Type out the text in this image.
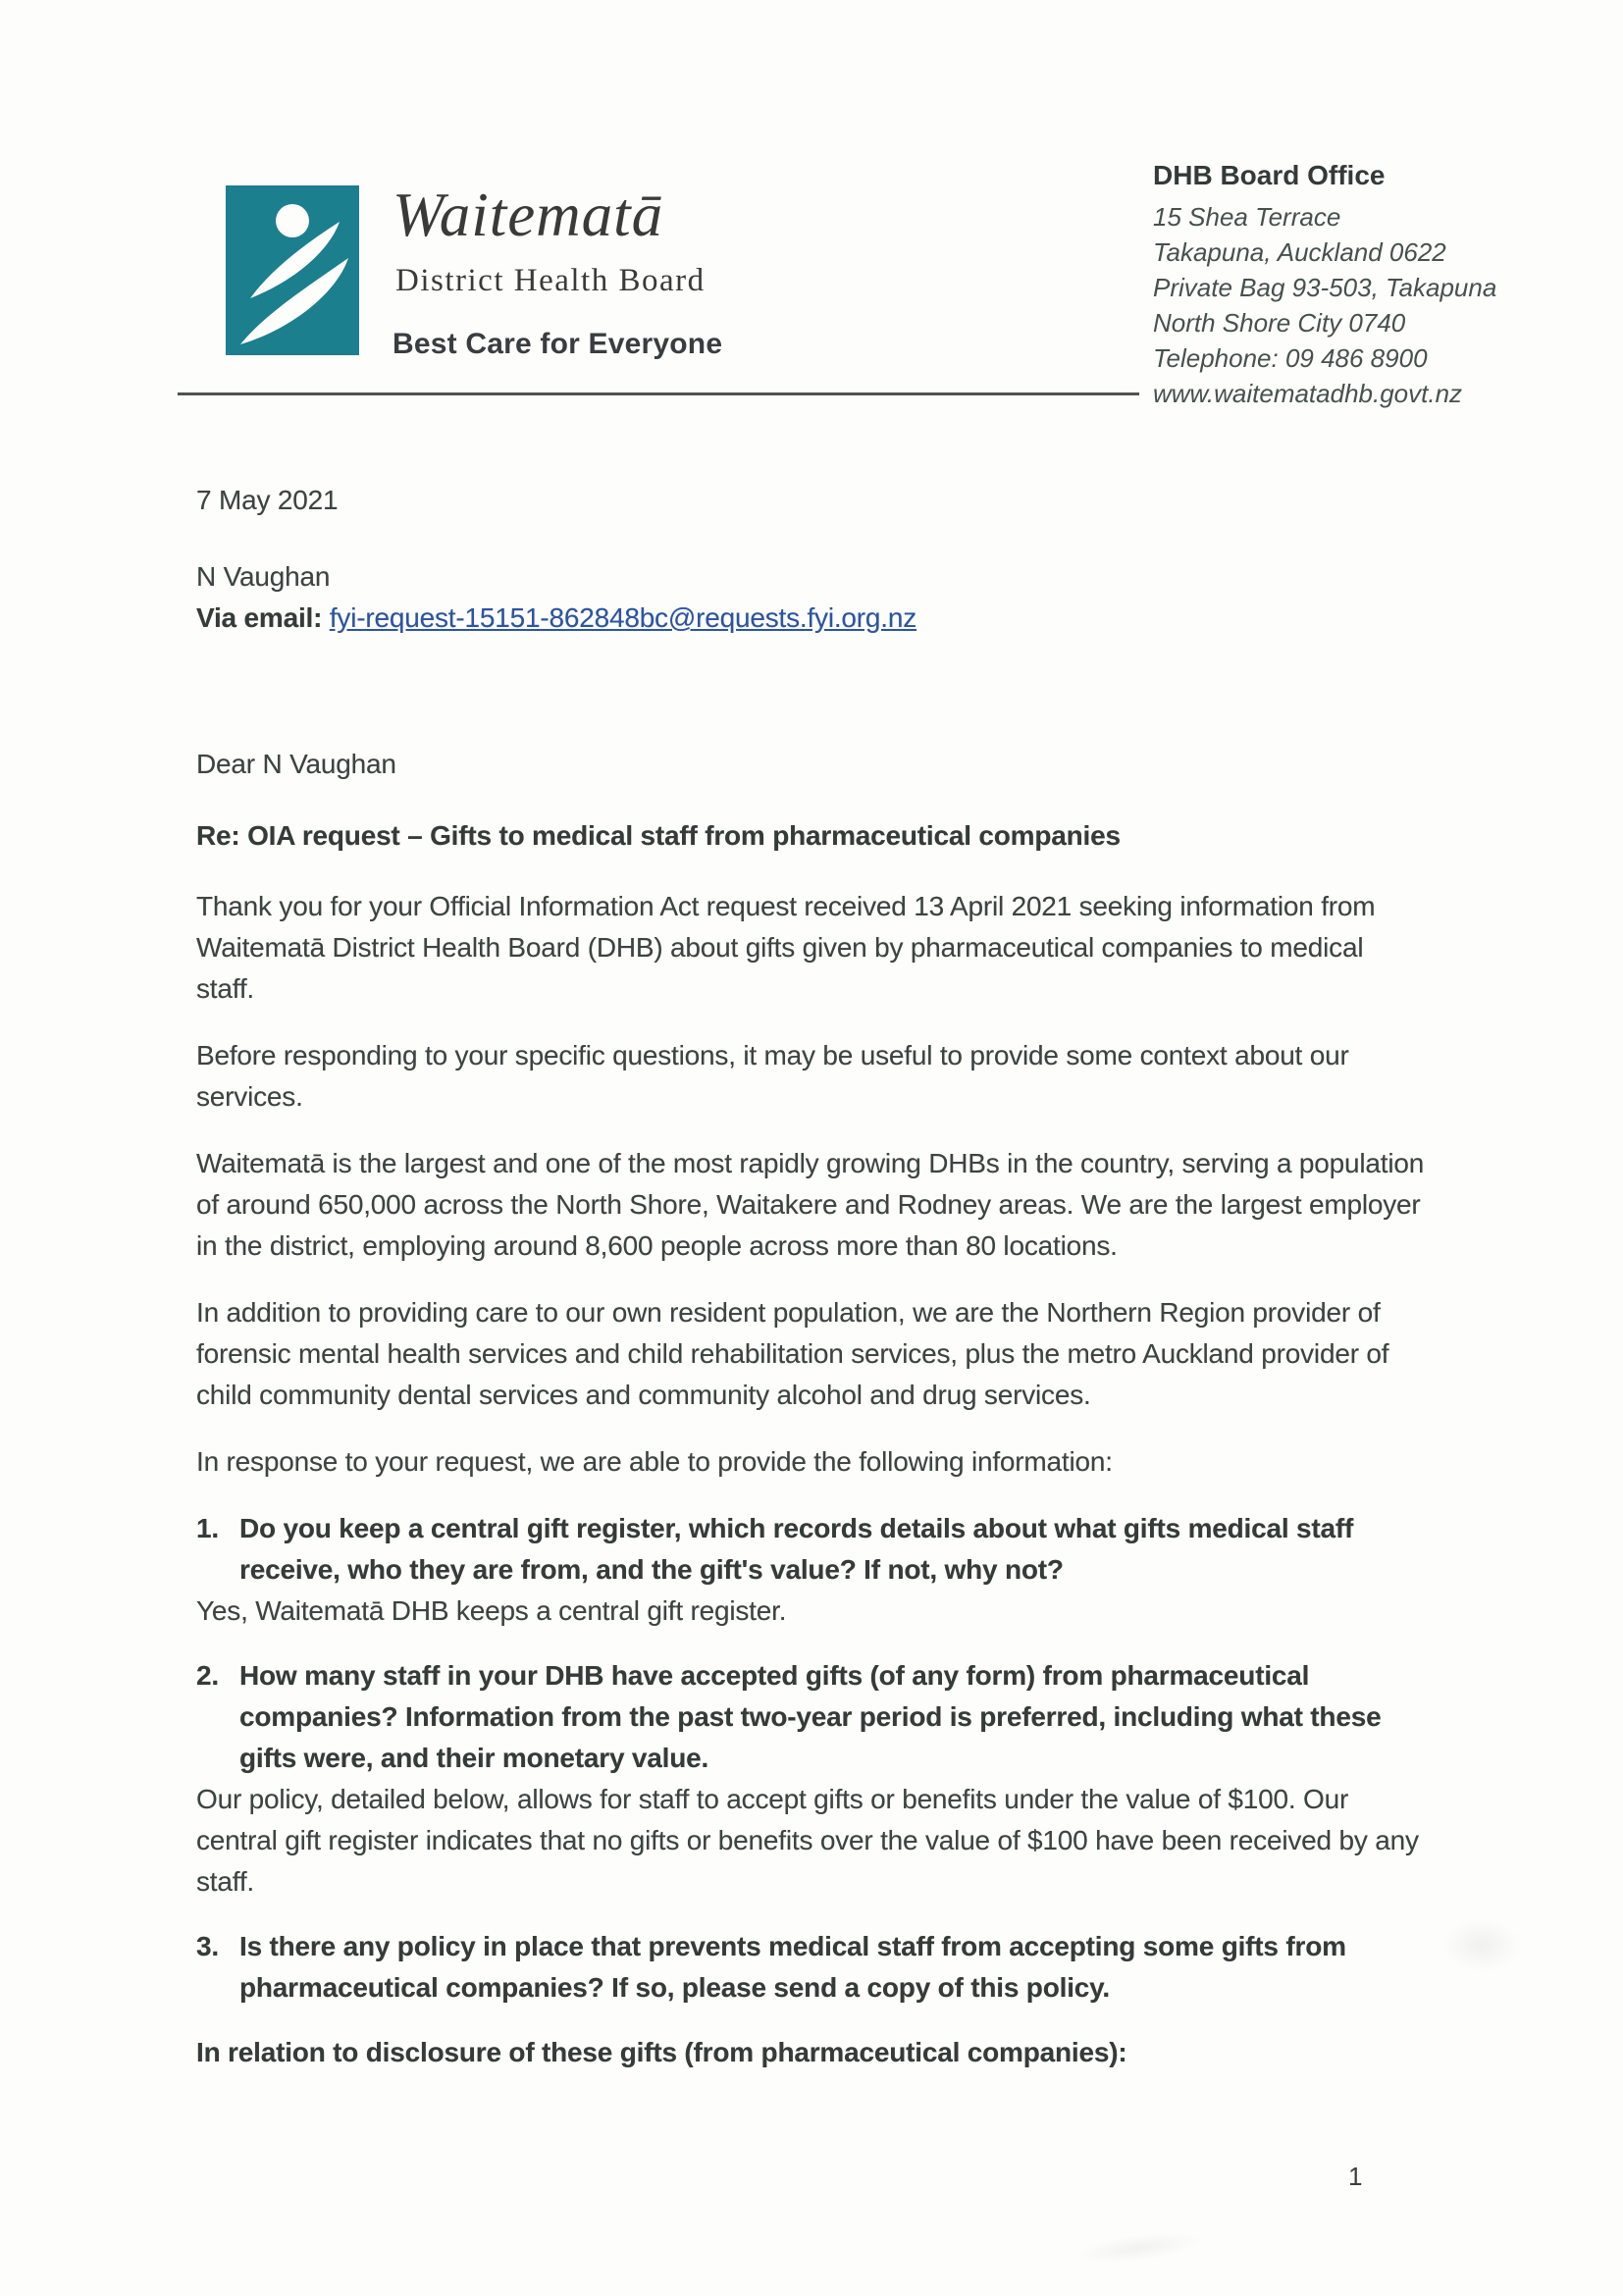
Waitematā
District Health Board
Best Care for Everyone
DHB Board Office
15 Shea Terrace
Takapuna, Auckland 0622
Private Bag 93-503, Takapuna
North Shore City 0740
Telephone: 09 486 8900
www.waitematadhb.govt.nz
7 May 2021
N Vaughan
Via email: fyi-request-15151-862848bc@requests.fyi.org.nz
Dear N Vaughan
Re: OIA request – Gifts to medical staff from pharmaceutical companies
Thank you for your Official Information Act request received 13 April 2021 seeking information from Waitematā District Health Board (DHB) about gifts given by pharmaceutical companies to medical staff.
Before responding to your specific questions, it may be useful to provide some context about our services.
Waitematā is the largest and one of the most rapidly growing DHBs in the country, serving a population of around 650,000 across the North Shore, Waitakere and Rodney areas. We are the largest employer in the district, employing around 8,600 people across more than 80 locations.
In addition to providing care to our own resident population, we are the Northern Region provider of forensic mental health services and child rehabilitation services, plus the metro Auckland provider of child community dental services and community alcohol and drug services.
In response to your request, we are able to provide the following information:
1. Do you keep a central gift register, which records details about what gifts medical staff receive, who they are from, and the gift's value? If not, why not?
Yes, Waitematā DHB keeps a central gift register.
2. How many staff in your DHB have accepted gifts (of any form) from pharmaceutical companies? Information from the past two-year period is preferred, including what these gifts were, and their monetary value.
Our policy, detailed below, allows for staff to accept gifts or benefits under the value of $100. Our central gift register indicates that no gifts or benefits over the value of $100 have been received by any staff.
3. Is there any policy in place that prevents medical staff from accepting some gifts from pharmaceutical companies? If so, please send a copy of this policy.
In relation to disclosure of these gifts (from pharmaceutical companies):
1
